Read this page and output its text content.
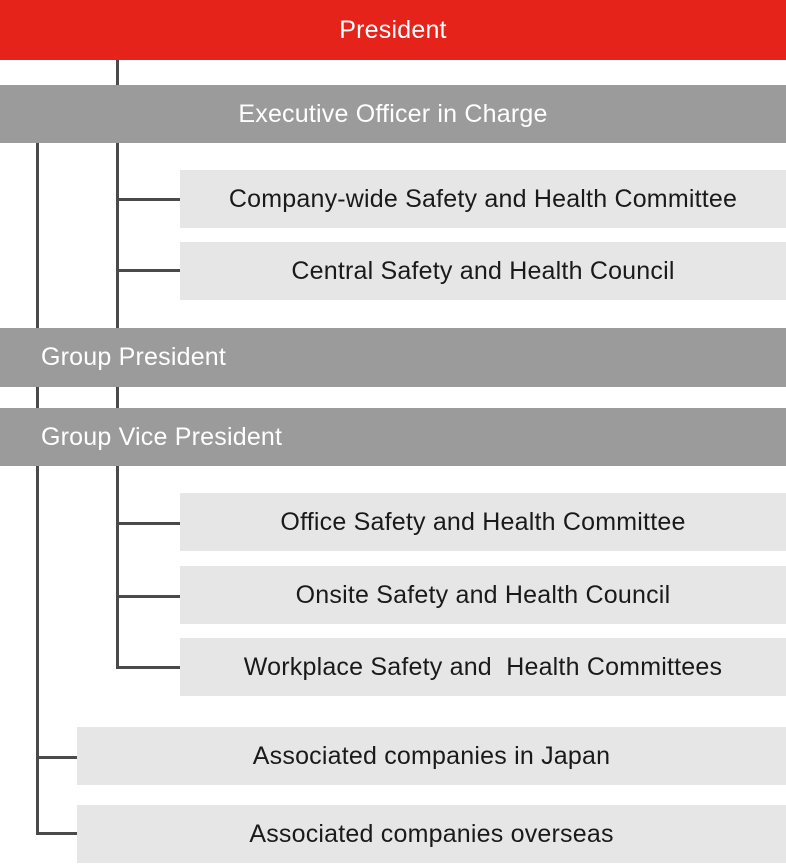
President
Executive Officer in Charge
Company-wide Safety and Health Committee
Central Safety and Health Council
Group President
Group Vice President
Office Safety and Health Committee
Onsite Safety and Health Council
Workplace Safety and  Health Committees
Associated companies in Japan
Associated companies overseas
